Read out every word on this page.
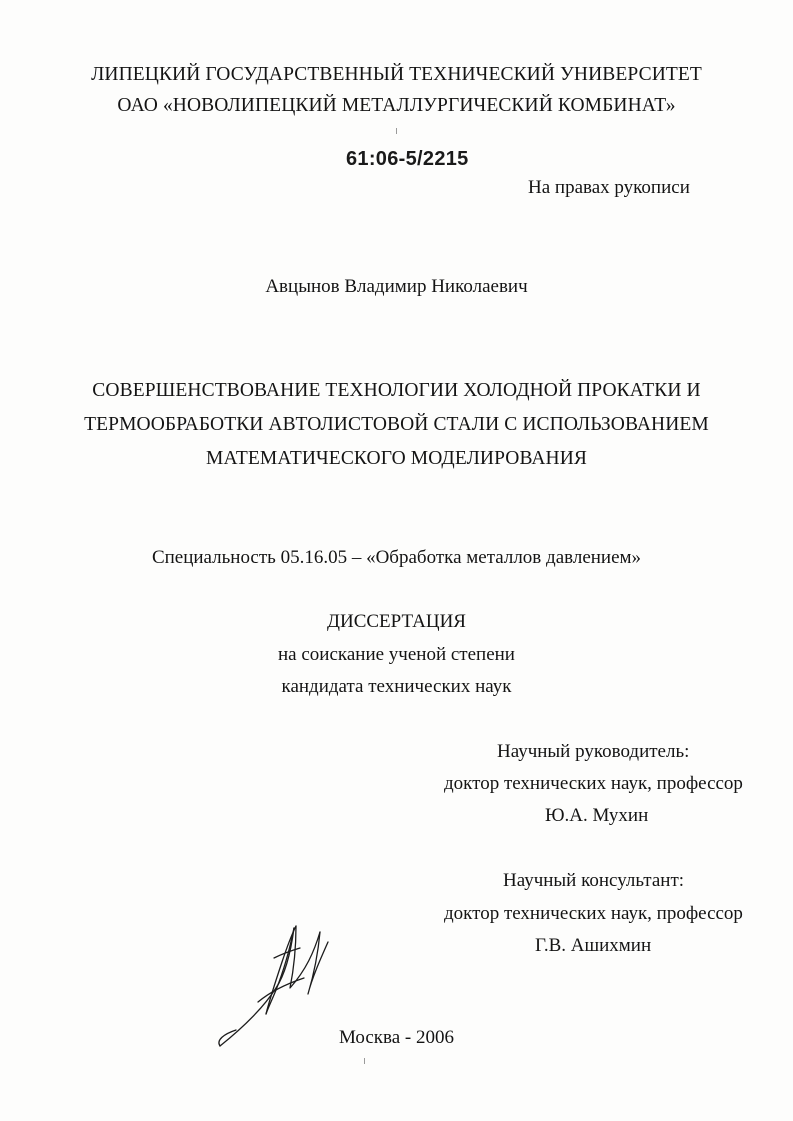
ЛИПЕЦКИЙ ГОСУДАРСТВЕННЫЙ ТЕХНИЧЕСКИЙ УНИВЕРСИТЕТ
ОАО «НОВОЛИПЕЦКИЙ МЕТАЛЛУРГИЧЕСКИЙ КОМБИНАТ»
61:06-5/2215
На правах рукописи
Авцынов Владимир Николаевич
СОВЕРШЕНСТВОВАНИЕ ТЕХНОЛОГИИ ХОЛОДНОЙ ПРОКАТКИ И
ТЕРМООБРАБОТКИ АВТОЛИСТОВОЙ СТАЛИ С ИСПОЛЬЗОВАНИЕМ
МАТЕМАТИЧЕСКОГО МОДЕЛИРОВАНИЯ
Специальность 05.16.05 – «Обработка металлов давлением»
ДИССЕРТАЦИЯ
на соискание ученой степени
кандидата технических наук
Научный руководитель:
доктор технических наук, профессор
Ю.А. Мухин
Научный консультант:
доктор технических наук, профессор
Г.В. Ашихмин
Москва - 2006
